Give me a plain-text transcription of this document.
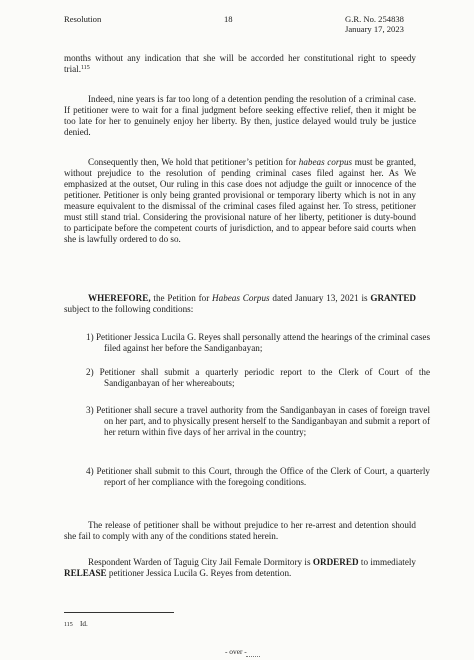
Resolution	18	G.R. No. 254838
January 17, 2023
months without any indication that she will be accorded her constitutional right to speedy trial.$^{115}$
Indeed, nine years is far too long of a detention pending the resolution of a criminal case. If petitioner were to wait for a final judgment before seeking effective relief, then it might be too late for her to genuinely enjoy her liberty. By then, justice delayed would truly be justice denied.
Consequently then, We hold that petitioner’s petition for habeas corpus must be granted, without prejudice to the resolution of pending criminal cases filed against her. As We emphasized at the outset, Our ruling in this case does not adjudge the guilt or innocence of the petitioner. Petitioner is only being granted provisional or temporary liberty which is not in any measure equivalent to the dismissal of the criminal cases filed against her. To stress, petitioner must still stand trial. Considering the provisional nature of her liberty, petitioner is duty-bound to participate before the competent courts of jurisdiction, and to appear before said courts when she is lawfully ordered to do so.
WHEREFORE, the Petition for Habeas Corpus dated January 13, 2021 is GRANTED subject to the following conditions:
1) Petitioner Jessica Lucila G. Reyes shall personally attend the hearings of the criminal cases filed against her before the Sandiganbayan;
2) Petitioner shall submit a quarterly periodic report to the Clerk of Court of the Sandiganbayan of her whereabouts;
3) Petitioner shall secure a travel authority from the Sandiganbayan in cases of foreign travel on her part, and to physically present herself to the Sandiganbayan and submit a report of her return within five days of her arrival in the country;
4) Petitioner shall submit to this Court, through the Office of the Clerk of Court, a quarterly report of her compliance with the foregoing conditions.
The release of petitioner shall be without prejudice to her re-arrest and detention should she fail to comply with any of the conditions stated herein.
Respondent Warden of Taguig City Jail Female Dormitory is ORDERED to immediately RELEASE petitioner Jessica Lucila G. Reyes from detention.
115 Id.
- over -
